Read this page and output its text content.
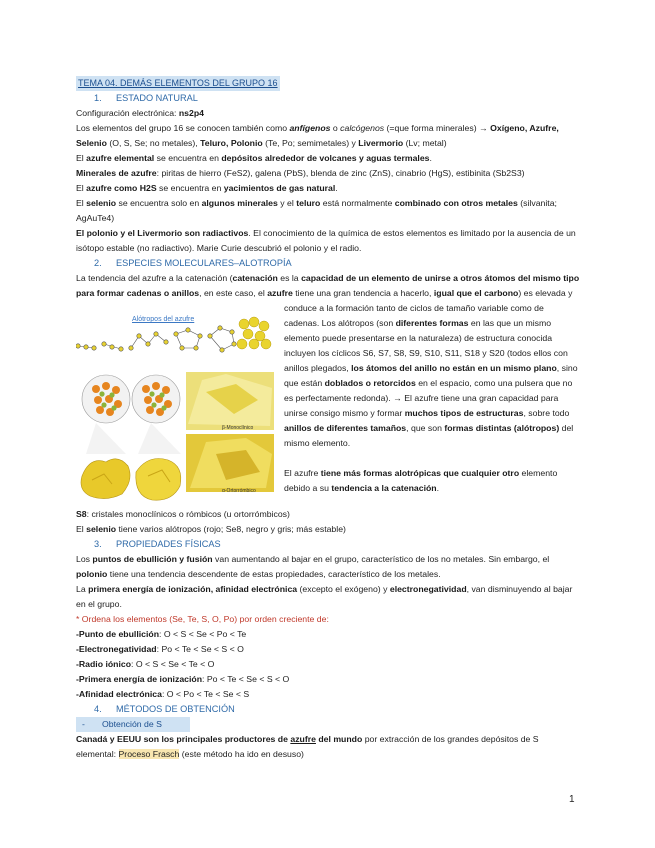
TEMA 04. DEMÁS ELEMENTOS DEL GRUPO 16
1. ESTADO NATURAL

Configuración electrónica: ns2p4

Los elementos del grupo 16 se conocen también como anfígenos o calcógenos (=que forma minerales) → Oxígeno, Azufre, Selenio (O, S, Se; no metales), Teluro, Polonio (Te, Po; semimetales) y Livermorio (Lv; metal)

El azufre elemental se encuentra en depósitos alrededor de volcanes y aguas termales.

Minerales de azufre: piritas de hierro (FeS2), galena (PbS), blenda de zinc (ZnS), cinabrio (HgS), estibinita (Sb2S3)

El azufre como H2S se encuentra en yacimientos de gas natural.

El selenio se encuentra solo en algunos minerales y el teluro está normalmente combinado con otros metales (silvanita; AgAuTe4)

El polonio y el Livermorio son radiactivos. El conocimiento de la química de estos elementos es limitado por la ausencia de un isótopo estable (no radiactivo). Marie Curie descubrió el polonio y el radio.

2. ESPECIES MOLECULARES–ALOTROPÍA

La tendencia del azufre a la catenación (catenación es la capacidad de un elemento de unirse a otros átomos del mismo tipo para formar cadenas o anillos, en este caso, el azufre tiene una gran tendencia a hacerlo,
Alótropos del azufre
β-Monoclínico
α-Ortorrómbico
igual que el carbono) es elevada y conduce a la formación tanto de ciclos de tamaño variable como de cadenas. Los alótropos (son diferentes formas en las que un mismo elemento puede presentarse en la naturaleza) de estructura conocida incluyen los cíclicos S6, S7, S8, S9, S10, S11, S18 y S20 (todos ellos con anillos plegados, los átomos del anillo no están en un mismo plano, sino que están doblados o retorcidos en el espacio, como una pulsera que no es perfectamente redonda). → El azufre tiene una gran capacidad para unirse consigo mismo y formar muchos tipos de estructuras, sobre todo anillos de diferentes tamaños, que son formas distintas (alótropos) del mismo elemento.

El azufre tiene más formas alotrópicas que cualquier otro elemento debido a su tendencia a la catenación.

S8: cristales monoclínicos o rómbicos (u ortorrómbicos)

El selenio tiene varios alótropos (rojo; Se8, negro y gris; más estable)

3. PROPIEDADES FÍSICAS

Los puntos de ebullición y fusión van aumentando al bajar en el grupo, característico de los no metales. Sin embargo, el polonio tiene una tendencia descendente de estas propiedades, característico de los metales.

La primera energía de ionización, afinidad electrónica (excepto el exógeno) y electronegatividad, van disminuyendo al bajar en el grupo.

* Ordena los elementos (Se, Te, S, O, Po) por orden creciente de:

-Punto de ebullición: O < S < Se < Po < Te

-Electronegatividad: Po < Te < Se < S < O

-Radio iónico: O < S < Se < Te < O

-Primera energía de ionización: Po < Te < Se < S < O

-Afinidad electrónica: O < Po < Te < Se < S

4. MÉTODOS DE OBTENCIÓN
- Obtención de S

Canadá y EEUU son los principales productores de azufre del mundo por extracción de los grandes depósitos de S elemental: Proceso Frasch (este método ha ido en desuso)

1
